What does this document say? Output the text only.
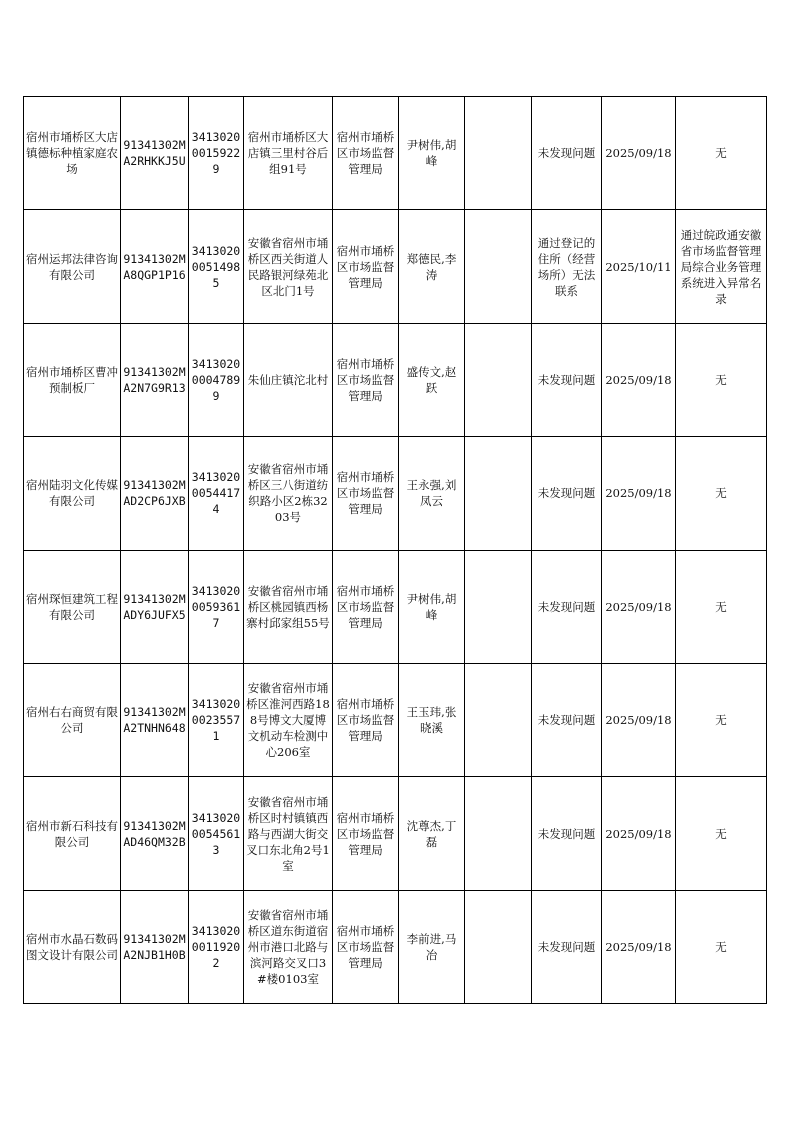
宿州市埇桥区大店镇德标种植家庭农场	91341302MA2RHKKJ5U	341302000159229	宿州市埇桥区大店镇三里村谷后组91号	宿州市埇桥区市场监督管理局	尹树伟,胡峰		未发现问题	2025/09/18	无
宿州运邦法律咨询有限公司	91341302MA8QGP1P16	341302000514985	安徽省宿州市埇桥区西关街道人民路银河绿苑北区北门1号	宿州市埇桥区市场监督管理局	郑德民,李涛		通过登记的住所（经营场所）无法联系	2025/10/11	通过皖政通安徽省市场监督管理局综合业务管理系统进入异常名录
宿州市埇桥区曹冲预制板厂	91341302MA2N7G9R13	341302000047899	朱仙庄镇沱北村	宿州市埇桥区市场监督管理局	盛传文,赵跃		未发现问题	2025/09/18	无
宿州陆羽文化传媒有限公司	91341302MAD2CP6JXB	341302000544174	安徽省宿州市埇桥区三八街道纺织路小区2栋3203号	宿州市埇桥区市场监督管理局	王永强,刘凤云		未发现问题	2025/09/18	无
宿州琛恒建筑工程有限公司	91341302MADY6JUFX5	341302000593617	安徽省宿州市埇桥区桃园镇西杨寨村邱家组55号	宿州市埇桥区市场监督管理局	尹树伟,胡峰		未发现问题	2025/09/18	无
宿州右右商贸有限公司	91341302MA2TNHN648	341302000235571	安徽省宿州市埇桥区淮河西路188号博文大厦博文机动车检测中心206室	宿州市埇桥区市场监督管理局	王玉玮,张晓溪		未发现问题	2025/09/18	无
宿州市新石科技有限公司	91341302MAD46QM32B	341302000545613	安徽省宿州市埇桥区时村镇镇西路与西湖大街交叉口东北角2号1室	宿州市埇桥区市场监督管理局	沈尊杰,丁磊		未发现问题	2025/09/18	无
宿州市水晶石数码图文设计有限公司	91341302MA2NJB1H0B	341302000119202	安徽省宿州市埇桥区道东街道宿州市港口北路与滨河路交叉口3#楼0103室	宿州市埇桥区市场监督管理局	李前进,马冶		未发现问题	2025/09/18	无
